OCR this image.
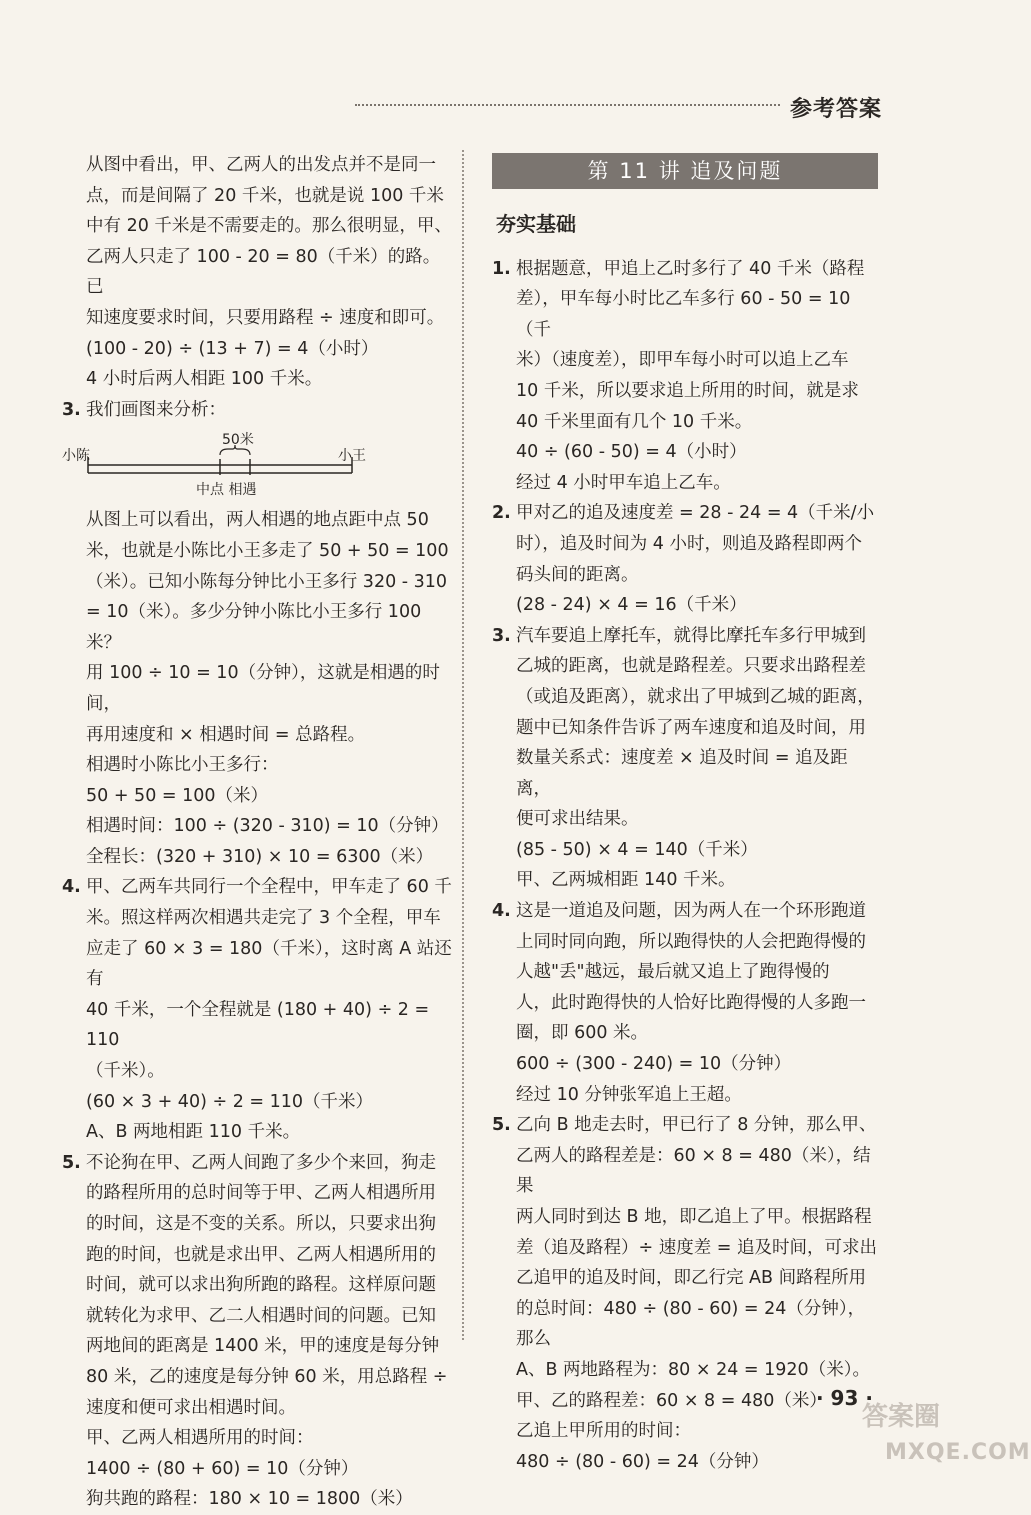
参考答案

从图中看出，甲、乙两人的出发点并不是同一

点，而是间隔了 20 千米，也就是说 100 千米

中有 20 千米是不需要走的。那么很明显，甲、

乙两人只走了 100 - 20 = 80（千米）的路。已

知速度要求时间，只要用路程 ÷ 速度和即可。

(100 - 20) ÷ (13 + 7) = 4（小时）

4 小时后两人相距 100 千米。

3. 我们画图来分析：

小陈	小王
50米
中点 相遇

从图上可以看出，两人相遇的地点距中点 50

米，也就是小陈比小王多走了 50 + 50 = 100

（米）。已知小陈每分钟比小王多行 320 - 310

= 10（米）。多少分钟小陈比小王多行 100 米？

用 100 ÷ 10 = 10（分钟），这就是相遇的时间，

再用速度和 × 相遇时间 = 总路程。

相遇时小陈比小王多行：

50 + 50 = 100（米）

相遇时间：100 ÷ (320 - 310) = 10（分钟）

全程长：(320 + 310) × 10 = 6300（米）

4. 甲、乙两车共同行一个全程中，甲车走了 60 千

米。照这样两次相遇共走完了 3 个全程，甲车

应走了 60 × 3 = 180（千米），这时离 A 站还有

40 千米，一个全程就是 (180 + 40) ÷ 2 = 110

（千米）。

(60 × 3 + 40) ÷ 2 = 110（千米）

A、B 两地相距 110 千米。

5. 不论狗在甲、乙两人间跑了多少个来回，狗走

的路程所用的总时间等于甲、乙两人相遇所用

的时间，这是不变的关系。所以，只要求出狗

跑的时间，也就是求出甲、乙两人相遇所用的

时间，就可以求出狗所跑的路程。这样原问题

就转化为求甲、乙二人相遇时间的问题。已知

两地间的距离是 1400 米，甲的速度是每分钟

80 米，乙的速度是每分钟 60 米，用总路程 ÷

速度和便可求出相遇时间。

甲、乙两人相遇所用的时间：

1400 ÷ (80 + 60) = 10（分钟）

狗共跑的路程：180 × 10 = 1800（米）

第 11 讲 追及问题
夯实基础
1. 根据题意，甲追上乙时多行了 40 千米（路程

差），甲车每小时比乙车多行 60 - 50 = 10（千

米）（速度差），即甲车每小时可以追上乙车

10 千米，所以要求追上所用的时间，就是求

40 千米里面有几个 10 千米。

40 ÷ (60 - 50) = 4（小时）

经过 4 小时甲车追上乙车。

2. 甲对乙的追及速度差 = 28 - 24 = 4（千米/小

时），追及时间为 4 小时，则追及路程即两个

码头间的距离。

(28 - 24) × 4 = 16（千米）

3. 汽车要追上摩托车，就得比摩托车多行甲城到

乙城的距离，也就是路程差。只要求出路程差

（或追及距离），就求出了甲城到乙城的距离，

题中已知条件告诉了两车速度和追及时间，用

数量关系式：速度差 × 追及时间 = 追及距离，

便可求出结果。

(85 - 50) × 4 = 140（千米）

甲、乙两城相距 140 千米。

4. 这是一道追及问题，因为两人在一个环形跑道

上同时同向跑，所以跑得快的人会把跑得慢的

人越"丢"越远，最后就又追上了跑得慢的

人，此时跑得快的人恰好比跑得慢的人多跑一

圈，即 600 米。

600 ÷ (300 - 240) = 10（分钟）

经过 10 分钟张军追上王超。

5. 乙向 B 地走去时，甲已行了 8 分钟，那么甲、

乙两人的路程差是：60 × 8 = 480（米），结果

两人同时到达 B 地，即乙追上了甲。根据路程

差（追及路程）÷ 速度差 = 追及时间，可求出

乙追甲的追及时间，即乙行完 AB 间路程所用

的总时间：480 ÷ (80 - 60) = 24（分钟），那么

A、B 两地路程为：80 × 24 = 1920（米）。

甲、乙的路程差：60 × 8 = 480（米）

乙追上甲所用的时间：

480 ÷ (80 - 60) = 24（分钟）

· 93 ·
答案圈
MXQE.COM
